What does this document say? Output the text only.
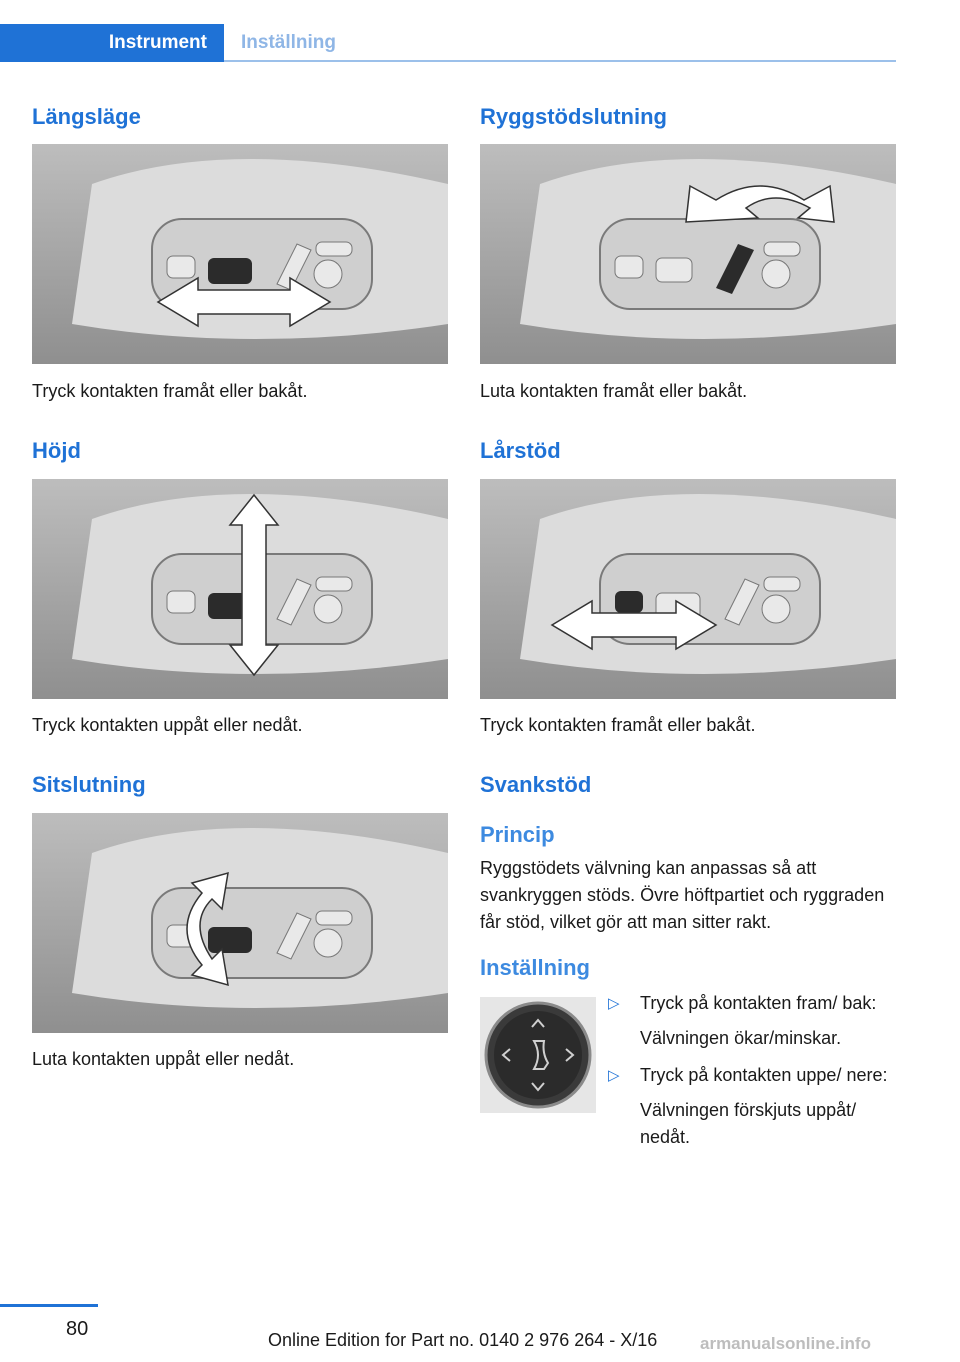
Instrument Inställning
Längsläge

Tryck kontakten framåt eller bakåt.

Höjd

Tryck kontakten uppåt eller nedåt.

Sitslutning

Luta kontakten uppåt eller nedåt.

Ryggstödslutning

Luta kontakten framåt eller bakåt.

Lårstöd

Tryck kontakten framåt eller bakåt.

Svankstöd
Princip

Ryggstödets välvning kan anpassas så att svankryggen stöds. Övre höftpartiet och ryggraden får stöd, vilket gör att man sitter rakt.

Inställning
▷ Tryck på kontakten fram/ bak:
Välvningen ökar/minskar.
▷ Tryck på kontakten uppe/ nere:
Välvningen förskjuts uppåt/ nedåt.
80	Online Edition for Part no. 0140 2 976 264 - X/16	armanualsonline.info
